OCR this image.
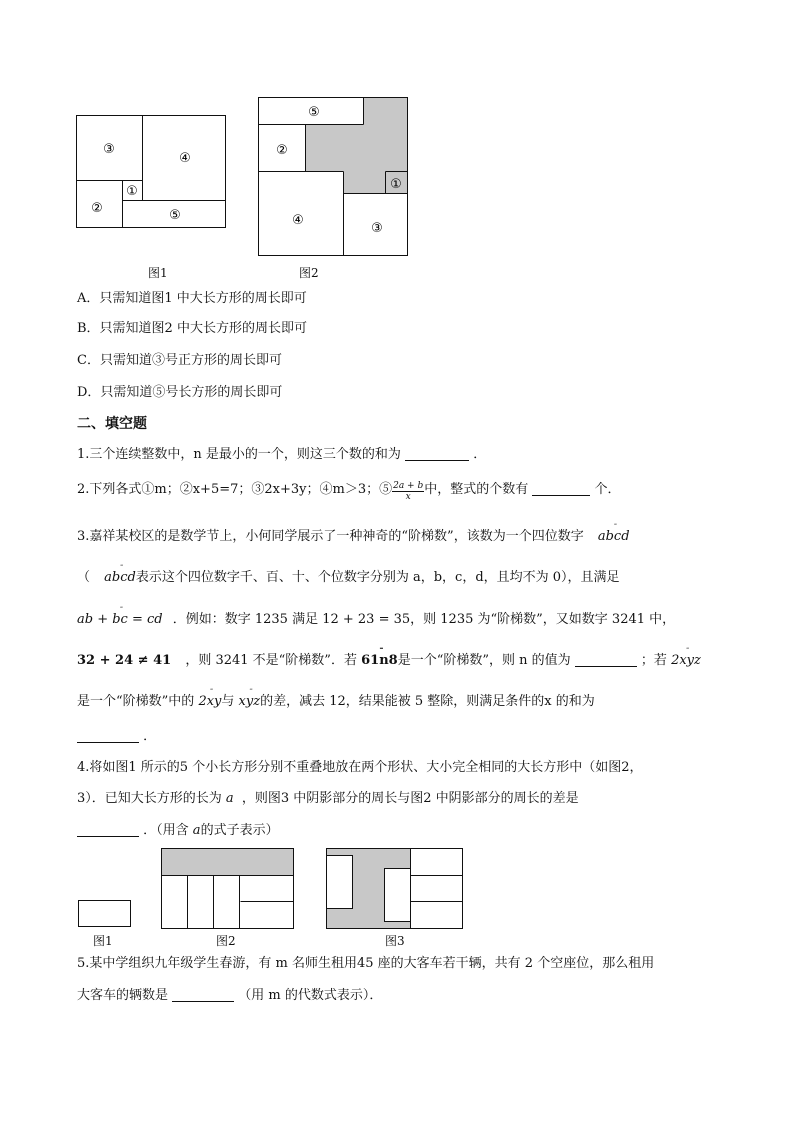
③
④
①
②	⑤
图1
⑤
②
①
④
③
图2
A．只需知道图1 中大长方形的周长即可
B．只需知道图2 中大长方形的周长即可
C．只需知道③号正方形的周长即可
D．只需知道⑤号长方形的周长即可
二、填空题
1.三个连续整数中，n 是最小的一个，则这三个数的和为	．
2.下列各式①m；②x+5=7；③2x+3y；④m＞3；⑤ $\frac{2a + b}{x}$ 中，整式的个数有	个．
3.嘉祥某校区的是数学节上，小何同学展示了一种神奇的“阶梯数”，该数为一个四位数字 - abcd
（ - abcd表示这个四位数字千、百、十、个位数字分别为 a，b，c，d，且均不为 0），且满足
- ab + bc = cd ．例如：数字 1235 满足 12 + 23 = 35，则 1235 为“阶梯数”，又如数字 3241 中，
32 + 24 ≠ 41 ，则 3241 不是“阶梯数”．若 - 61n8是一个“阶梯数”，则 n 的值为	；若 - 2xyz
是一个“阶梯数”中的 - 2xy与 - xyz的差，减去 12，结果能被 5 整除，则满足条件的x 的和为
．
4.将如图1 所示的5 个小长方形分别不重叠地放在两个形状、大小完全相同的大长方形中（如图2，
3）．已知大长方形的长为 a ，则图3 中阴影部分的周长与图2 中阴影部分的周长的差是
．（用含 a的式子表示）
图1	图2	图3
5.某中学组织九年级学生春游，有 m 名师生租用45 座的大客车若干辆，共有 2 个空座位，那么租用
大客车的辆数是	（用 m 的代数式表示）．
